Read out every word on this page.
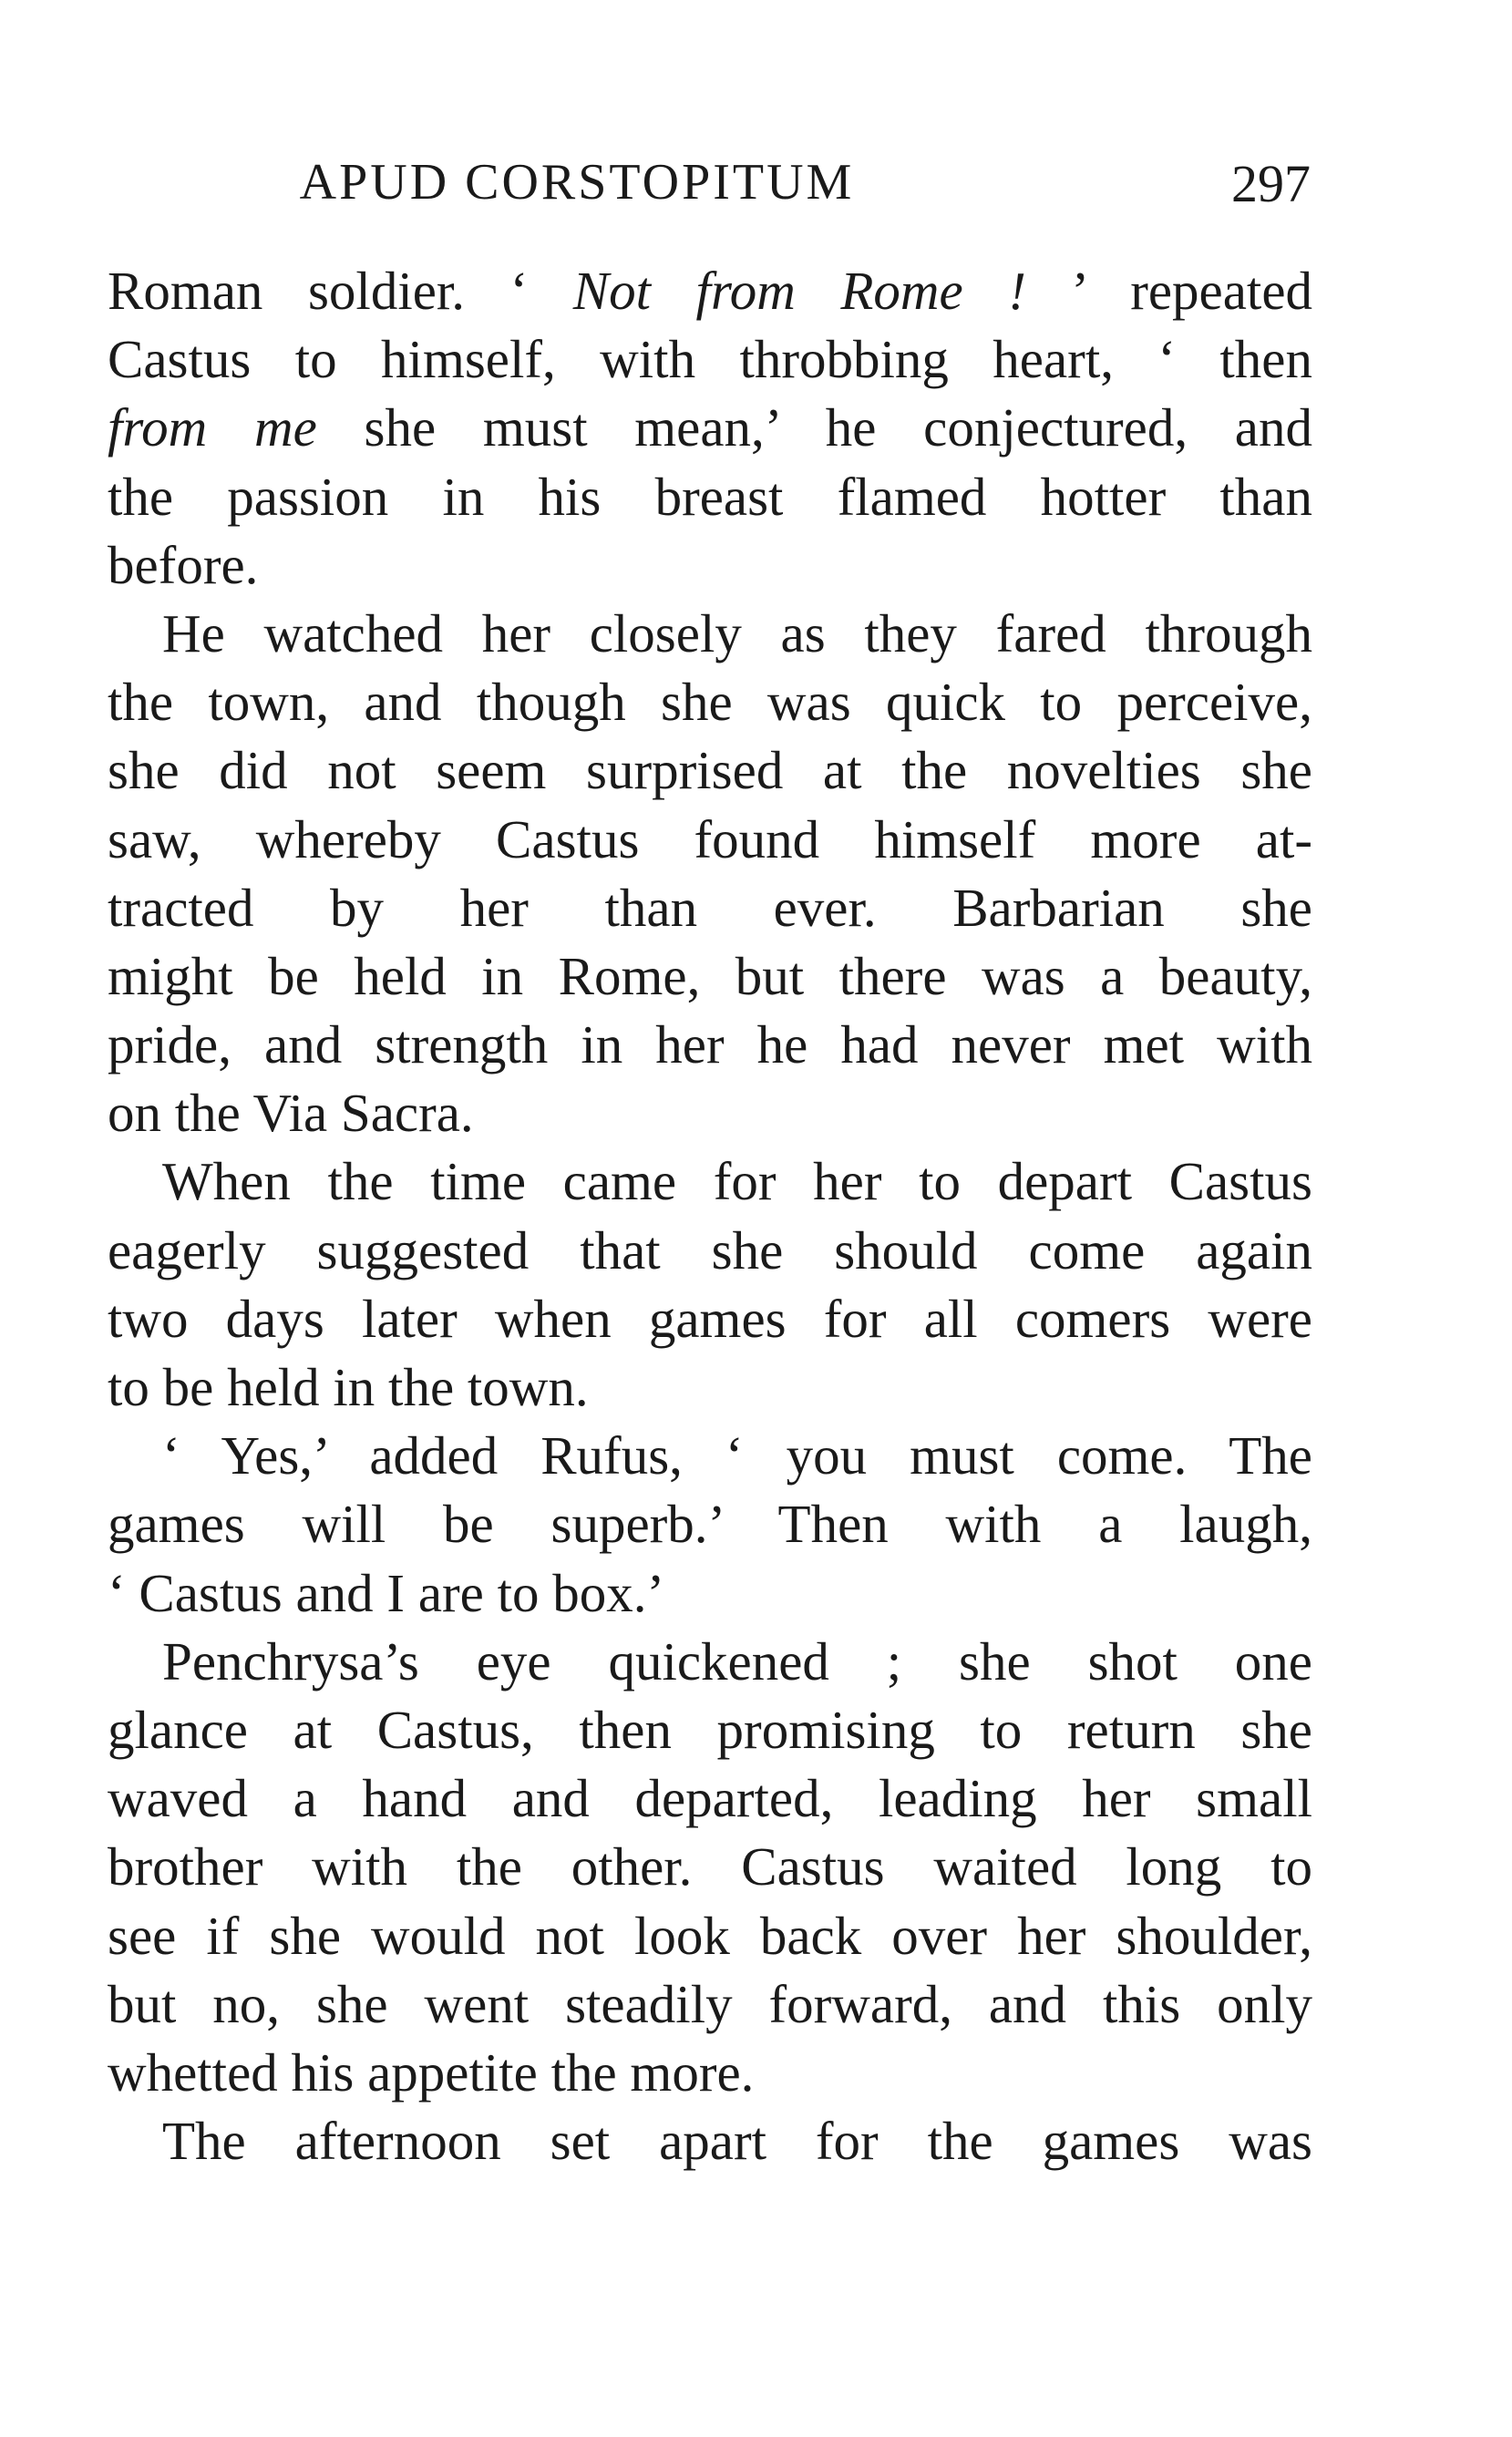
APUD CORSTOPITUM	297
Roman soldier. ‘ Not from Rome ! ’ repeated
Castus to himself, with throbbing heart, ‘ then
from me she must mean,’ he conjectured, and
the passion in his breast flamed hotter than
before.
He watched her closely as they fared through
the town, and though she was quick to perceive,
she did not seem surprised at the novelties she
saw, whereby Castus found himself more at-
tracted by her than ever. Barbarian she
might be held in Rome, but there was a beauty,
pride, and strength in her he had never met with
on the Via Sacra.
When the time came for her to depart Castus
eagerly suggested that she should come again
two days later when games for all comers were
to be held in the town.
‘ Yes,’ added Rufus, ‘ you must come. The
games will be superb.’ Then with a laugh,
‘ Castus and I are to box.’
Penchrysa’s eye quickened ; she shot one
glance at Castus, then promising to return she
waved a hand and departed, leading her small
brother with the other. Castus waited long to
see if she would not look back over her shoulder,
but no, she went steadily forward, and this only
whetted his appetite the more.
The afternoon set apart for the games was
